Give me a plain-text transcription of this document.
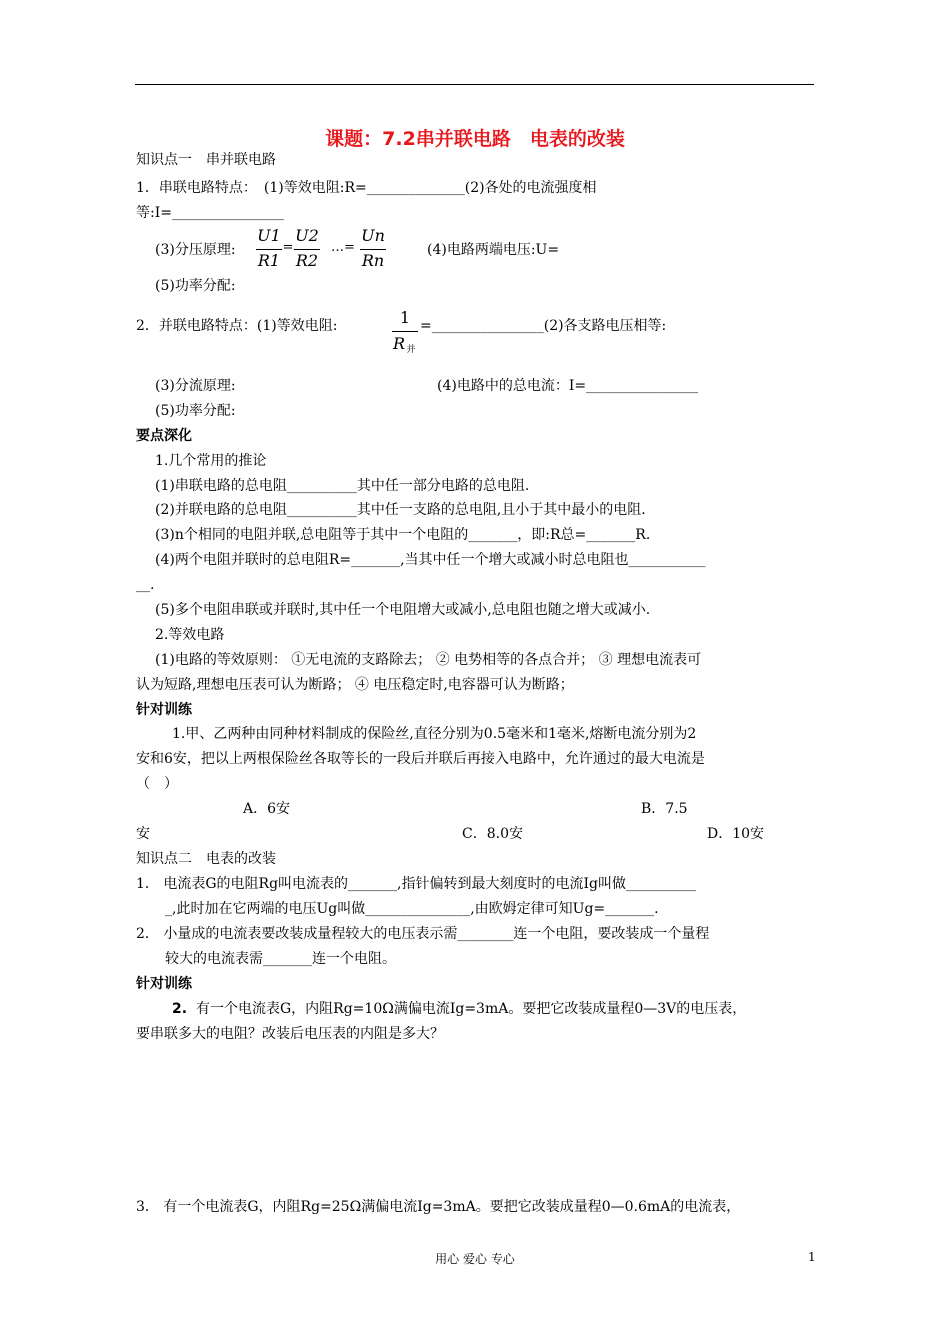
课题：7.2串并联电路　电表的改装
知识点一　串并联电路
1．串联电路特点：　(1)等效电阻:R=______________(2)各处的电流强度相
等:I=________________
(3)分压原理:
U1
R1
=
U2
R2
…=
Un
Rn
(4)电路两端电压:U=
(5)功率分配:
2．并联电路特点：(1)等效电阻:	1
R 并
=________________(2)各支路电压相等:
(3)分流原理:	(4)电路中的总电流：I=________________
(5)功率分配:
要点深化
1.几个常用的推论
(1)串联电路的总电阻__________其中任一部分电路的总电阻.
(2)并联电路的总电阻__________其中任一支路的总电阻,且小于其中最小的电阻.
(3)n个相同的电阻并联,总电阻等于其中一个电阻的_______，即:R总=_______R.
(4)两个电阻并联时的总电阻R=_______,当其中任一个增大或减小时总电阻也___________
__.
(5)多个电阻串联或并联时,其中任一个电阻增大或减小,总电阻也随之增大或减小.
2.等效电路
(1)电路的等效原则： ①无电流的支路除去； ② 电势相等的各点合并； ③ 理想电流表可
认为短路,理想电压表可认为断路； ④ 电压稳定时,电容器可认为断路；
针对训练
1.甲、乙两种由同种材料制成的保险丝,直径分别为0.5毫米和1毫米,熔断电流分别为2
安和6安，把以上两根保险丝各取等长的一段后并联后再接入电路中，允许通过的最大电流是
（　）
A．6安	B．7.5
安	C．8.0安	D．10安
知识点二　电表的改装
1． 电流表G的电阻Rg叫电流表的_______,指针偏转到最大刻度时的电流Ig叫做__________
_,此时加在它两端的电压Ug叫做_______________,由欧姆定律可知Ug=_______.
2． 小量成的电流表要改装成量程较大的电压表示需________连一个电阻，要改装成一个量程
较大的电流表需_______连一个电阻。
针对训练
2. 有一个电流表G，内阻Rg=10Ω满偏电流Ig=3mA。要把它改装成量程0—3V的电压表，
要串联多大的电阻？改装后电压表的内阻是多大？
3． 有一个电流表G，内阻Rg=25Ω满偏电流Ig=3mA。要把它改装成量程0—0.6mA的电流表，
用心 爱心 专心	1
